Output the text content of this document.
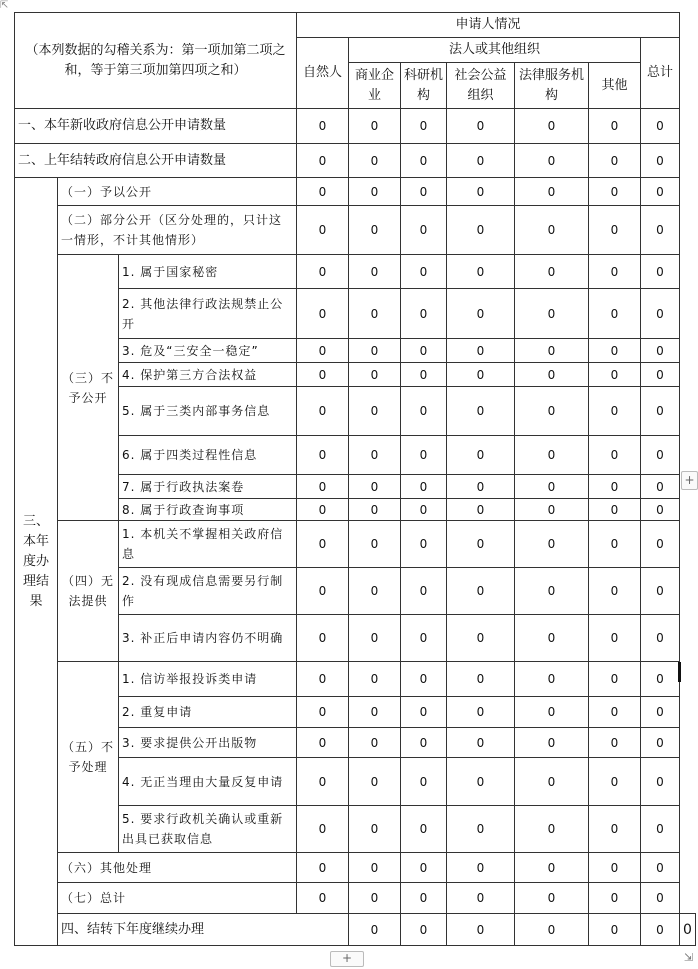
⇱
（本列数据的勾稽关系为：第一项加第二项之和，等于第三项加第四项之和）			申请人情况							
			自然人	法人或其他组织					总计	
				商业企业	科研机构	社会公益组织	法律服务机构	其他		
一、本年新收政府信息公开申请数量			0	0	0	0	0	0	0	
二、上年结转政府信息公开申请数量			0	0	0	0	0	0	0	
三、本年度办理结果	（一）予以公开		0	0	0	0	0	0	0	
	（二）部分公开（区分处理的，只计这一情形，不计其他情形）		0	0	0	0	0	0	0	
	（三）不予公开	1. 属于国家秘密	0	0	0	0	0	0	0	
		2. 其他法律行政法规禁止公开	0	0	0	0	0	0	0	
		3. 危及“三安全一稳定”	0	0	0	0	0	0	0	
		4. 保护第三方合法权益	0	0	0	0	0	0	0	
		5. 属于三类内部事务信息	0	0	0	0	0	0	0	
		6. 属于四类过程性信息	0	0	0	0	0	0	0	
		7. 属于行政执法案卷	0	0	0	0	0	0	0	
		8. 属于行政查询事项	0	0	0	0	0	0	0	
	（四）无法提供	1. 本机关不掌握相关政府信息	0	0	0	0	0	0	0	
		2. 没有现成信息需要另行制作	0	0	0	0	0	0	0	
		3. 补正后申请内容仍不明确	0	0	0	0	0	0	0	
	（五）不予处理	1. 信访举报投诉类申请	0	0	0	0	0	0	0	
		2. 重复申请	0	0	0	0	0	0	0	
		3. 要求提供公开出版物	0	0	0	0	0	0	0	
		4. 无正当理由大量反复申请	0	0	0	0	0	0	0	
		5. 要求行政机关确认或重新出具已获取信息	0	0	0	0	0	0	0	
	（六）其他处理		0	0	0	0	0	0	0	
	（七）总计		0	0	0	0	0	0	0	
	四、结转下年度继续办理			0	0	0	0	0	0	0
+
+	⇲
